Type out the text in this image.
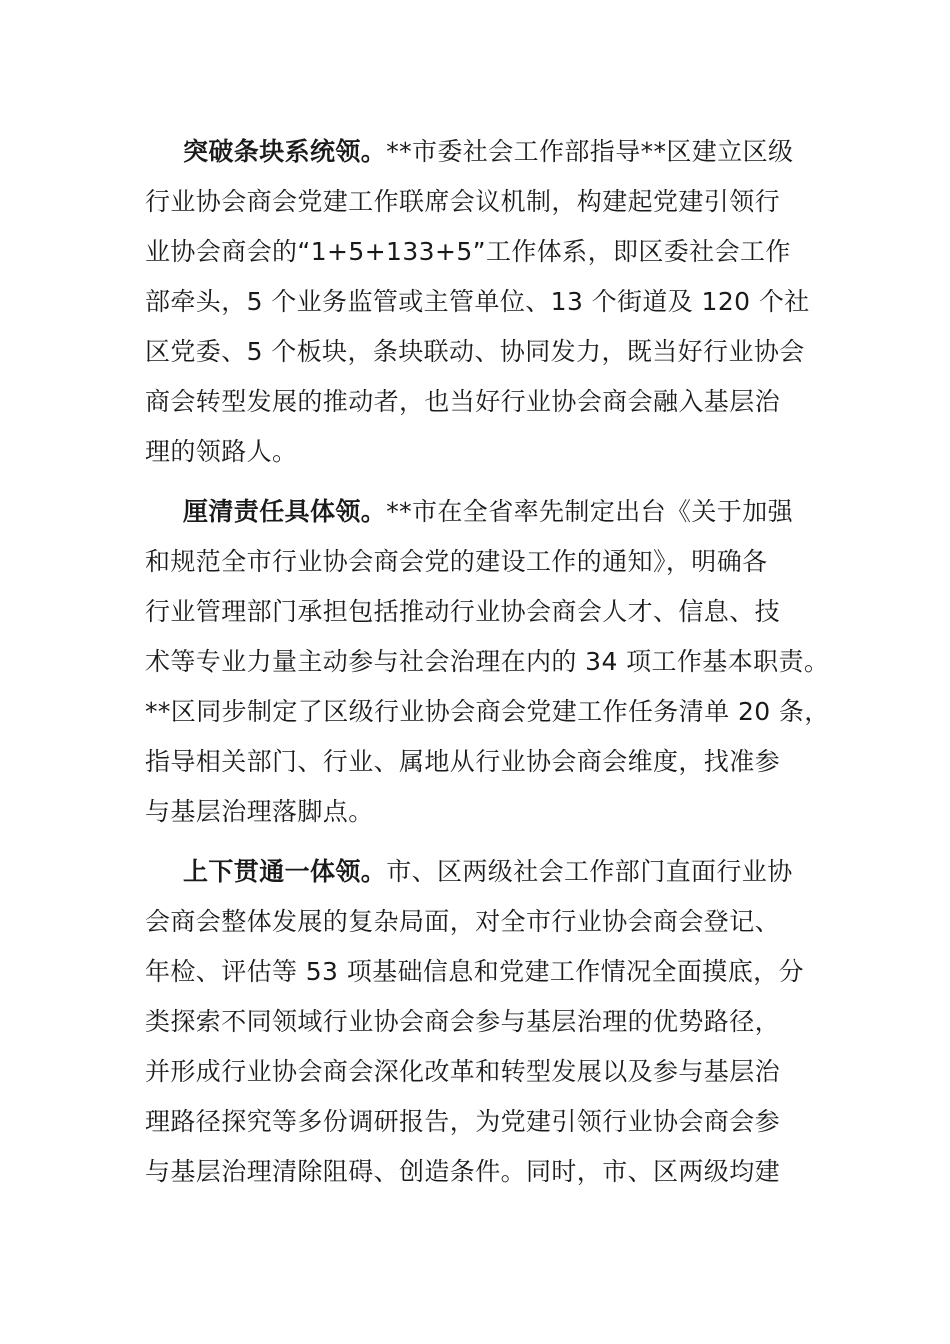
突破条块系统领。**市委社会工作部指导**区建立区级
行业协会商会党建工作联席会议机制，构建起党建引领行
业协会商会的“1+5+133+5”工作体系，即区委社会工作
部牵头，5 个业务监管或主管单位、13 个街道及 120 个社
区党委、5 个板块，条块联动、协同发力，既当好行业协会
商会转型发展的推动者，也当好行业协会商会融入基层治
理的领路人。
厘清责任具体领。**市在全省率先制定出台《关于加强
和规范全市行业协会商会党的建设工作的通知》，明确各
行业管理部门承担包括推动行业协会商会人才、信息、技
术等专业力量主动参与社会治理在内的 34 项工作基本职责。
**区同步制定了区级行业协会商会党建工作任务清单 20 条，
指导相关部门、行业、属地从行业协会商会维度，找准参
与基层治理落脚点。
上下贯通一体领。市、区两级社会工作部门直面行业协
会商会整体发展的复杂局面，对全市行业协会商会登记、
年检、评估等 53 项基础信息和党建工作情况全面摸底，分
类探索不同领域行业协会商会参与基层治理的优势路径，
并形成行业协会商会深化改革和转型发展以及参与基层治
理路径探究等多份调研报告，为党建引领行业协会商会参
与基层治理清除阻碍、创造条件。同时，市、区两级均建
